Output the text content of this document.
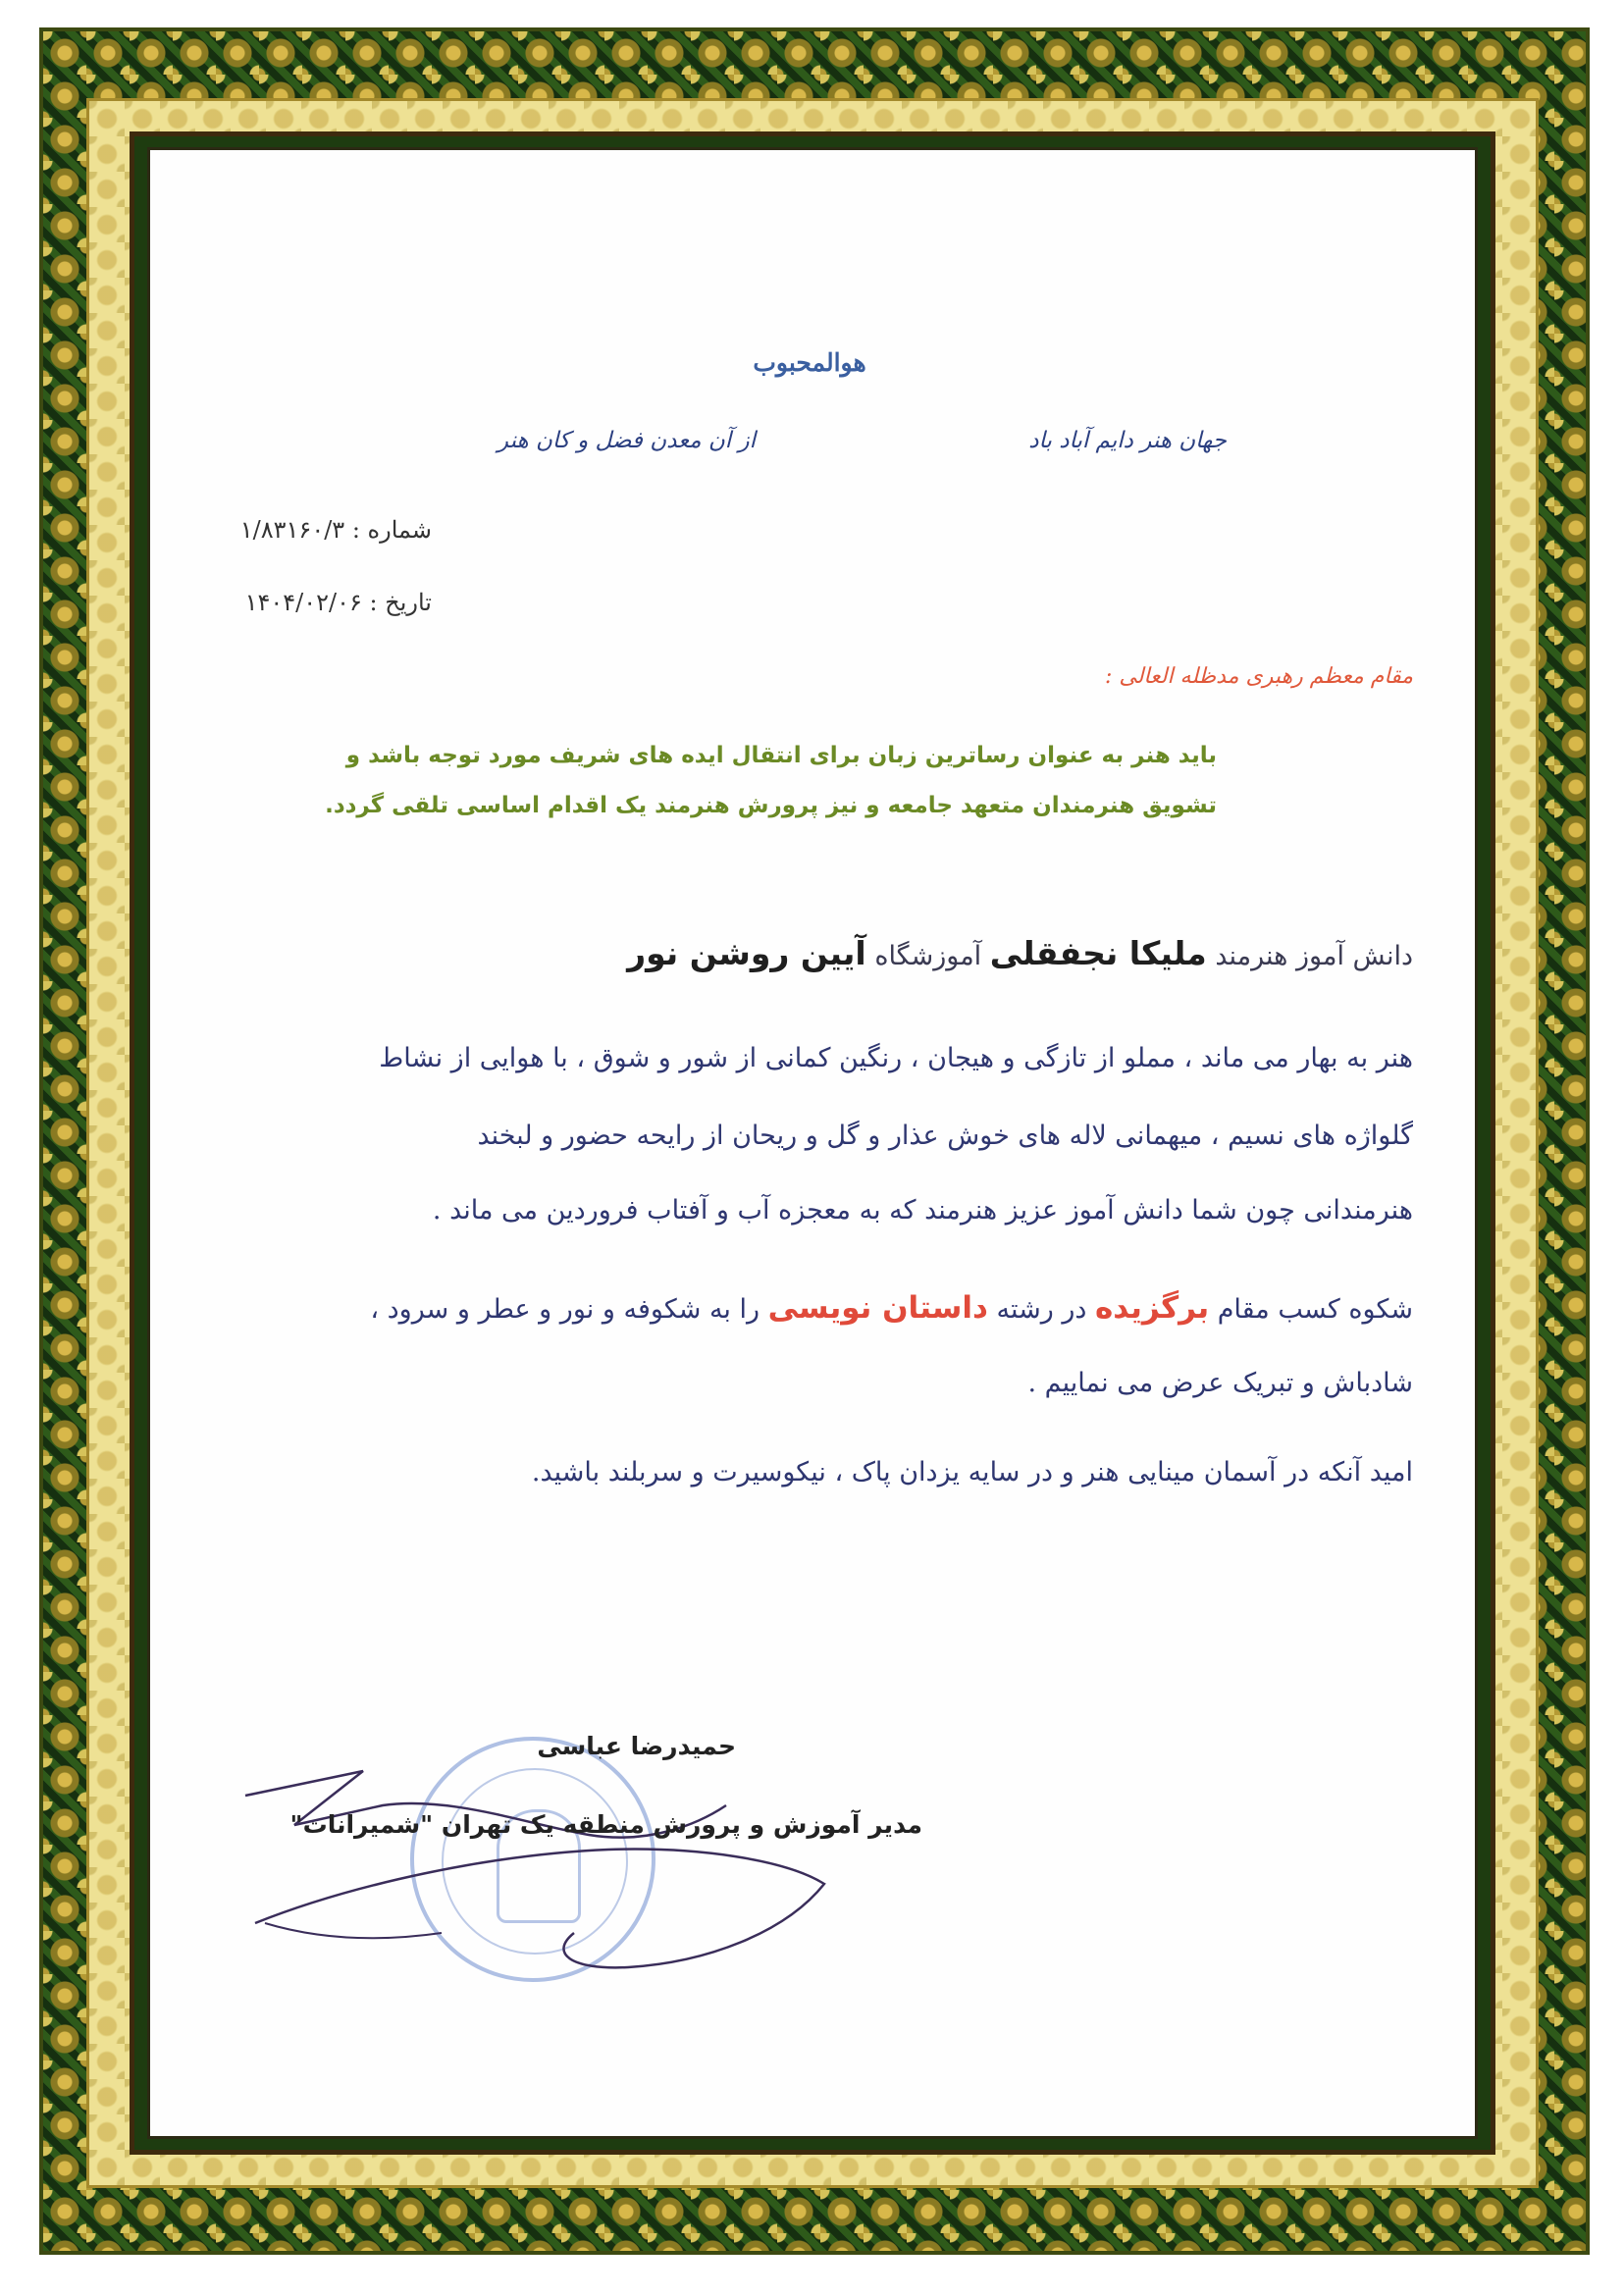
هوالمحبوب
جهان هنر دایم آباد باد
از آن معدن فضل و کان هنر
شماره : ۱/۸۳۱۶۰/۳
تاریخ : ۱۴۰۴/۰۲/۰۶
مقام معظم رهبری مدظله العالی :
باید هنر به عنوان رساترین زبان برای انتقال ایده های شریف مورد توجه باشد و
تشویق هنرمندان متعهد جامعه و نیز پرورش هنرمند یک اقدام اساسی تلقی گردد.
دانش آموز هنرمند ملیکا نجفقلی آموزشگاه آیین روشن نور
هنر به بهار می ماند ، مملو از تازگی و هیجان ، رنگین کمانی از شور و شوق ، با هوایی از نشاط
گلواژه های نسیم ، میهمانی لاله های خوش عذار و گل و ریحان از رایحه حضور و لبخند
هنرمندانی چون شما دانش آموز عزیز هنرمند که به معجزه آب و آفتاب فروردین می ماند .
شکوه کسب مقام برگزیده در رشته داستان نویسی را به شکوفه و نور و عطر و سرود ،
شادباش و تبریک عرض می نماییم .
امید آنکه در آسمان مینایی هنر و در سایه یزدان پاک ، نیکوسیرت و سربلند باشید.
حمیدرضا عباسی
مدیر آموزش و پرورش منطقه یک تهران "شمیرانات"
